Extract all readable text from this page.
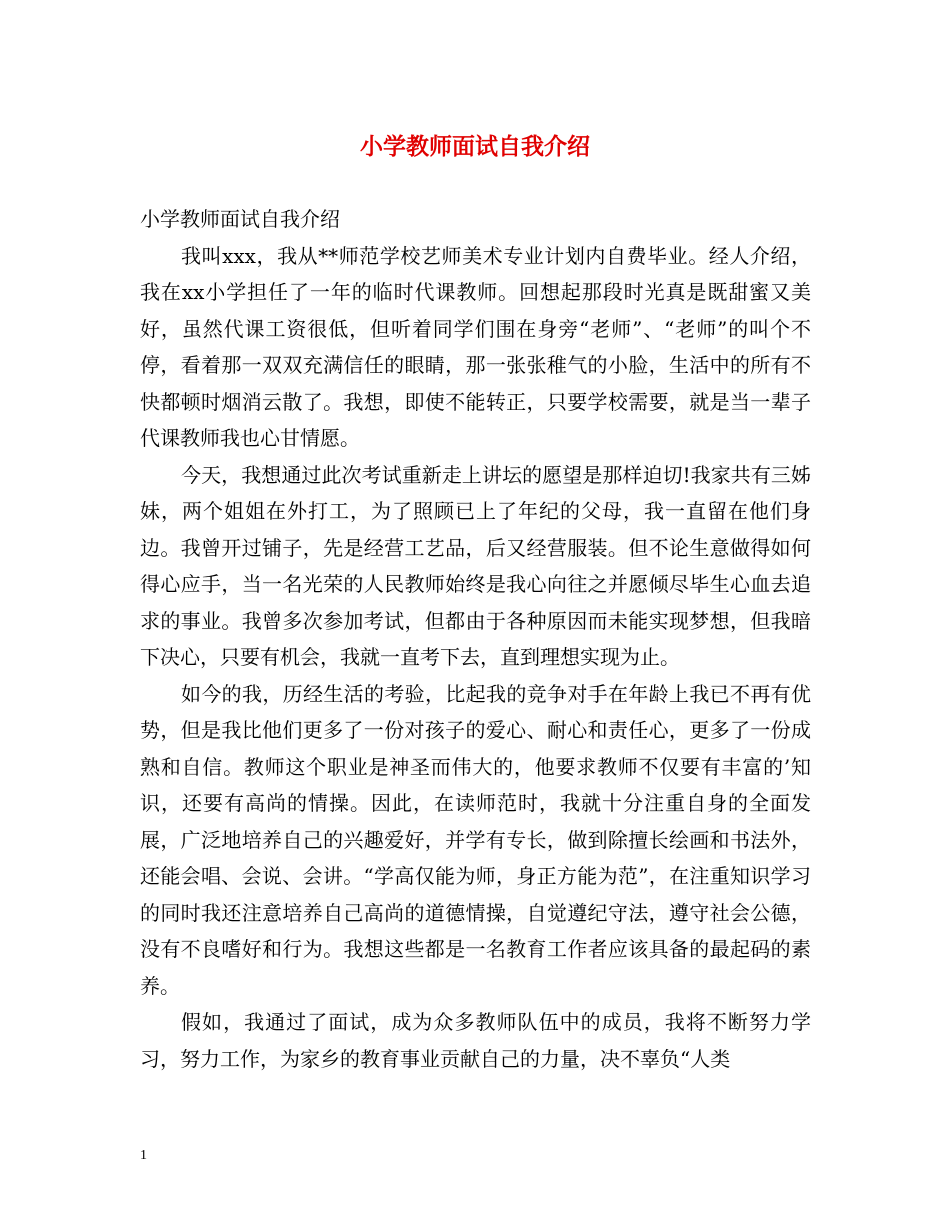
小学教师面试自我介绍

小学教师面试自我介绍

我叫xxx，我从**师范学校艺师美术专业计划内自费毕业。经人介绍，我在xx小学担任了一年的临时代课教师。回想起那段时光真是既甜蜜又美好，虽然代课工资很低，但听着同学们围在身旁“老师”、“老师”的叫个不停，看着那一双双充满信任的眼睛，那一张张稚气的小脸，生活中的所有不快都顿时烟消云散了。我想，即使不能转正，只要学校需要，就是当一辈子代课教师我也心甘情愿。

今天，我想通过此次考试重新走上讲坛的愿望是那样迫切!我家共有三姊妹，两个姐姐在外打工，为了照顾已上了年纪的父母，我一直留在他们身边。我曾开过铺子，先是经营工艺品，后又经营服装。但不论生意做得如何得心应手，当一名光荣的人民教师始终是我心向往之并愿倾尽毕生心血去追求的事业。我曾多次参加考试，但都由于各种原因而未能实现梦想，但我暗下决心，只要有机会，我就一直考下去，直到理想实现为止。

如今的我，历经生活的考验，比起我的竞争对手在年龄上我已不再有优势，但是我比他们更多了一份对孩子的爱心、耐心和责任心，更多了一份成熟和自信。教师这个职业是神圣而伟大的，他要求教师不仅要有丰富的’知识，还要有高尚的情操。因此，在读师范时，我就十分注重自身的全面发展，广泛地培养自己的兴趣爱好，并学有专长，做到除擅长绘画和书法外，还能会唱、会说、会讲。“学高仅能为师，身正方能为范”，在注重知识学习的同时我还注意培养自己高尚的道德情操，自觉遵纪守法，遵守社会公德，没有不良嗜好和行为。我想这些都是一名教育工作者应该具备的最起码的素养。

假如，我通过了面试，成为众多教师队伍中的成员，我将不断努力学习，努力工作，为家乡的教育事业贡献自己的力量，决不辜负“人类

1
